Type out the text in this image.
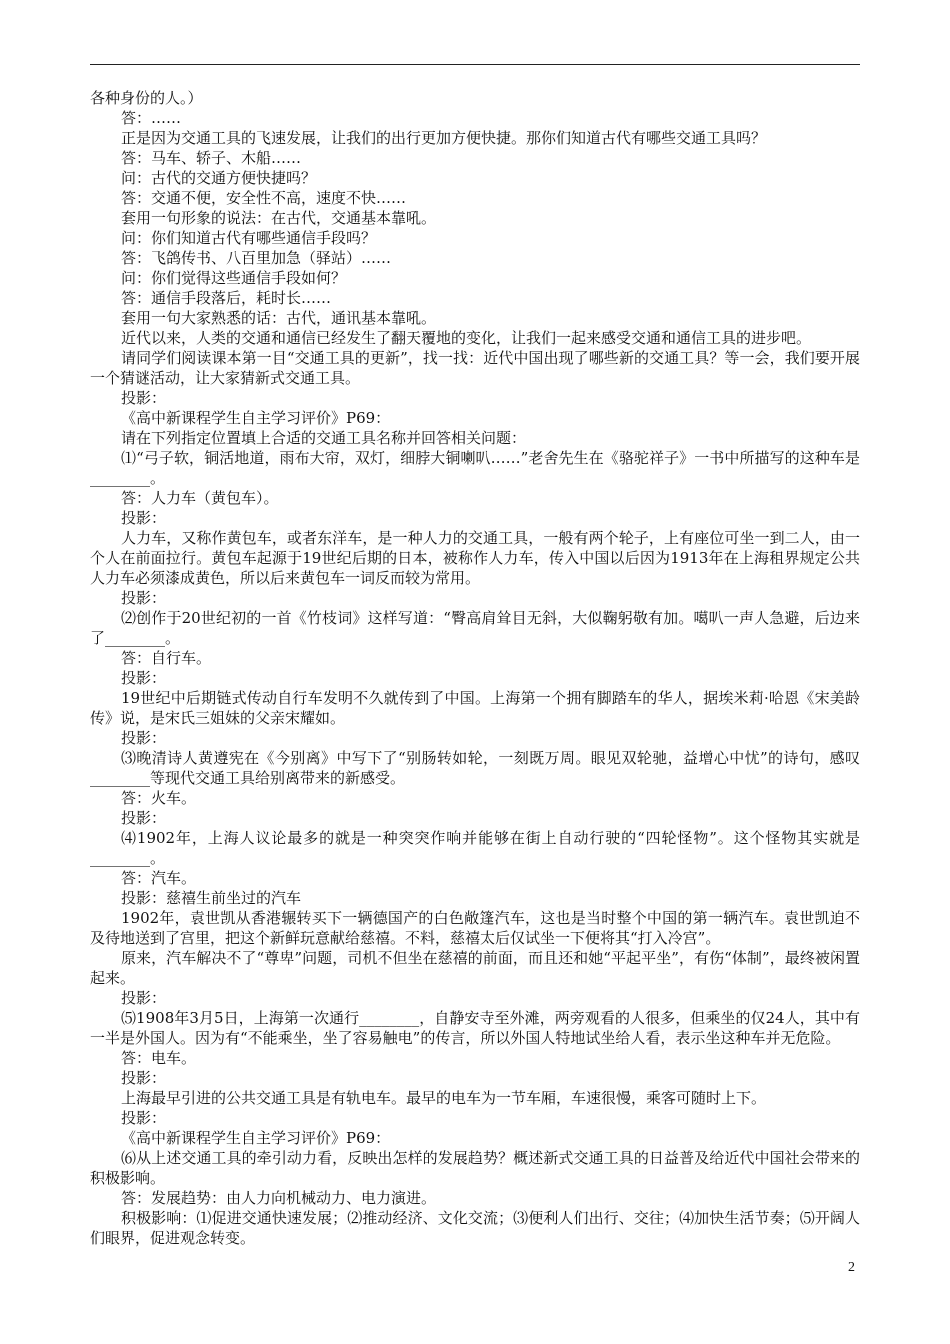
各种身份的人。）

答：……

正是因为交通工具的飞速发展，让我们的出行更加方便快捷。那你们知道古代有哪些交通工具吗？

答：马车、轿子、木船……

问：古代的交通方便快捷吗？

答：交通不便，安全性不高，速度不快……

套用一句形象的说法：在古代，交通基本靠吼。

问：你们知道古代有哪些通信手段吗？

答：飞鸽传书、八百里加急（驿站）……

问：你们觉得这些通信手段如何？

答：通信手段落后，耗时长……

套用一句大家熟悉的话：古代，通讯基本靠吼。

近代以来，人类的交通和通信已经发生了翻天覆地的变化，让我们一起来感受交通和通信工具的进步吧。

请同学们阅读课本第一目“交通工具的更新”，找一找：近代中国出现了哪些新的交通工具？等一会，我们要开展一个猜谜活动，让大家猜新式交通工具。

投影：

《高中新课程学生自主学习评价》P69：

请在下列指定位置填上合适的交通工具名称并回答相关问题：

⑴“弓子软，铜活地道，雨布大帘，双灯，细脖大铜喇叭……”老舍先生在《骆驼祥子》一书中所描写的这种车是________。

答：人力车（黄包车）。

投影：

人力车，又称作黄包车，或者东洋车，是一种人力的交通工具，一般有两个轮子，上有座位可坐一到二人，由一个人在前面拉行。黄包车起源于19世纪后期的日本，被称作人力车，传入中国以后因为1913年在上海租界规定公共人力车必须漆成黄色，所以后来黄包车一词反而较为常用。

投影：

⑵创作于20世纪初的一首《竹枝词》这样写道：“臀高肩耸目无斜，大似鞠躬敬有加。噶叭一声人急避，后边来了________。

答：自行车。

投影：

19世纪中后期链式传动自行车发明不久就传到了中国。上海第一个拥有脚踏车的华人，据埃米莉·哈恩《宋美龄传》说，是宋氏三姐妹的父亲宋耀如。

投影：

⑶晚清诗人黄遵宪在《今别离》中写下了“别肠转如轮，一刻既万周。眼见双轮驰，益增心中忧”的诗句，感叹________等现代交通工具给别离带来的新感受。

答：火车。

投影：

⑷1902年，上海人议论最多的就是一种突突作响并能够在街上自动行驶的“四轮怪物”。这个怪物其实就是________。

答：汽车。

投影：慈禧生前坐过的汽车

1902年，袁世凯从香港辗转买下一辆德国产的白色敞篷汽车，这也是当时整个中国的第一辆汽车。袁世凯迫不及待地送到了宫里，把这个新鲜玩意献给慈禧。不料，慈禧太后仅试坐一下便将其“打入冷宫”。

原来，汽车解决不了“尊卑”问题，司机不但坐在慈禧的前面，而且还和她“平起平坐”，有伤“体制”，最终被闲置起来。

投影：

⑸1908年3月5日，上海第一次通行________，自静安寺至外滩，两旁观看的人很多，但乘坐的仅24人，其中有一半是外国人。因为有“不能乘坐，坐了容易触电”的传言，所以外国人特地试坐给人看，表示坐这种车并无危险。

答：电车。

投影：

上海最早引进的公共交通工具是有轨电车。最早的电车为一节车厢，车速很慢，乘客可随时上下。

投影：

《高中新课程学生自主学习评价》P69：

⑹从上述交通工具的牵引动力看，反映出怎样的发展趋势？概述新式交通工具的日益普及给近代中国社会带来的积极影响。

答：发展趋势：由人力向机械动力、电力演进。

积极影响：⑴促进交通快速发展；⑵推动经济、文化交流；⑶便利人们出行、交往；⑷加快生活节奏；⑸开阔人们眼界，促进观念转变。

2
